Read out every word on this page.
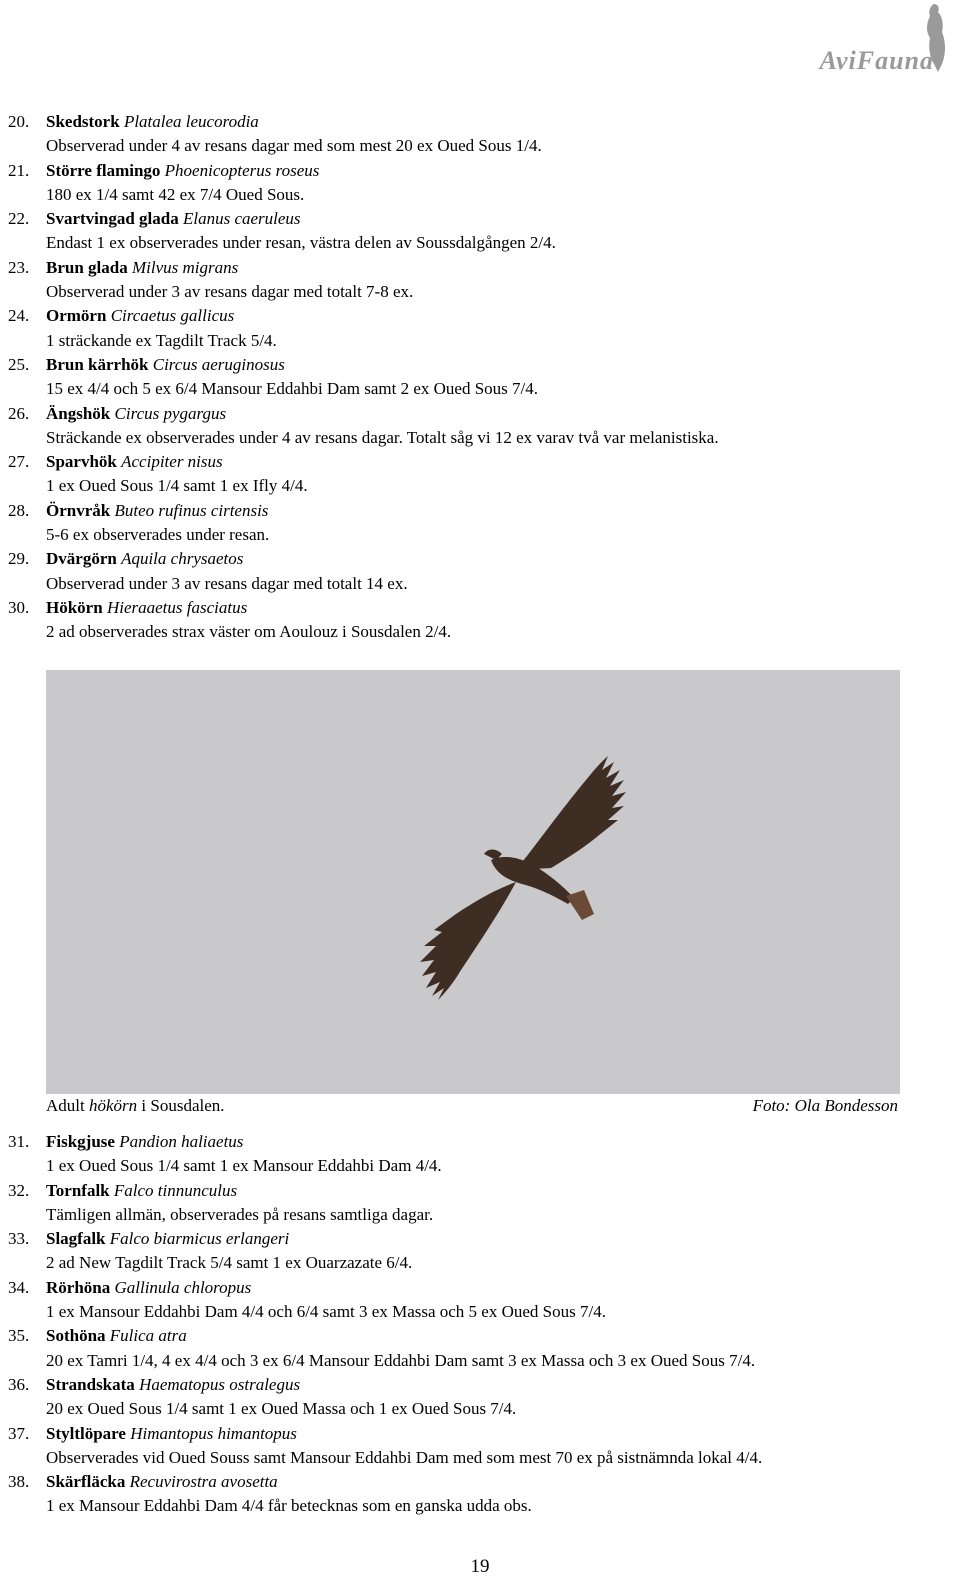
AviFauna
20. Skedstork Platalea leucorodia
Observerad under 4 av resans dagar med som mest 20 ex Oued Sous 1/4.
21. Större flamingo Phoenicopterus roseus
180 ex 1/4 samt 42 ex 7/4 Oued Sous.
22. Svartvingad glada Elanus caeruleus
Endast 1 ex observerades under resan, västra delen av Soussdalgången 2/4.
23. Brun glada Milvus migrans
Observerad under 3 av resans dagar med totalt 7-8 ex.
24. Ormörn Circaetus gallicus
1 sträckande ex Tagdilt Track 5/4.
25. Brun kärrhök Circus aeruginosus
15 ex 4/4 och 5 ex 6/4 Mansour Eddahbi Dam samt 2 ex Oued Sous 7/4.
26. Ängshök Circus pygargus
Sträckande ex observerades under 4 av resans dagar. Totalt såg vi 12 ex varav två var melanistiska.
27. Sparvhök Accipiter nisus
1 ex Oued Sous 1/4 samt 1 ex Ifly 4/4.
28. Örnvråk Buteo rufinus cirtensis
5-6 ex observerades under resan.
29. Dvärgörn Aquila chrysaetos
Observerad under 3 av resans dagar med totalt 14 ex.
30. Hökörn Hieraaetus fasciatus
2 ad observerades strax väster om Aoulouz i Sousdalen 2/4.
Adult hökörn i Sousdalen.	Foto: Ola Bondesson
31. Fiskgjuse Pandion haliaetus
1 ex Oued Sous 1/4 samt 1 ex Mansour Eddahbi Dam 4/4.
32. Tornfalk Falco tinnunculus
Tämligen allmän, observerades på resans samtliga dagar.
33. Slagfalk Falco biarmicus erlangeri
2 ad New Tagdilt Track 5/4 samt 1 ex Ouarzazate 6/4.
34. Rörhöna Gallinula chloropus
1 ex Mansour Eddahbi Dam 4/4 och 6/4 samt 3 ex Massa och 5 ex Oued Sous 7/4.
35. Sothöna Fulica atra
20 ex Tamri 1/4, 4 ex 4/4 och 3 ex 6/4 Mansour Eddahbi Dam samt 3 ex Massa och 3 ex Oued Sous 7/4.
36. Strandskata Haematopus ostralegus
20 ex Oued Sous 1/4 samt 1 ex Oued Massa och 1 ex Oued Sous 7/4.
37. Styltlöpare Himantopus himantopus
Observerades vid Oued Souss samt Mansour Eddahbi Dam med som mest 70 ex på sistnämnda lokal 4/4.
38. Skärfläcka Recuvirostra avosetta
1 ex Mansour Eddahbi Dam 4/4 får betecknas som en ganska udda obs.
19
